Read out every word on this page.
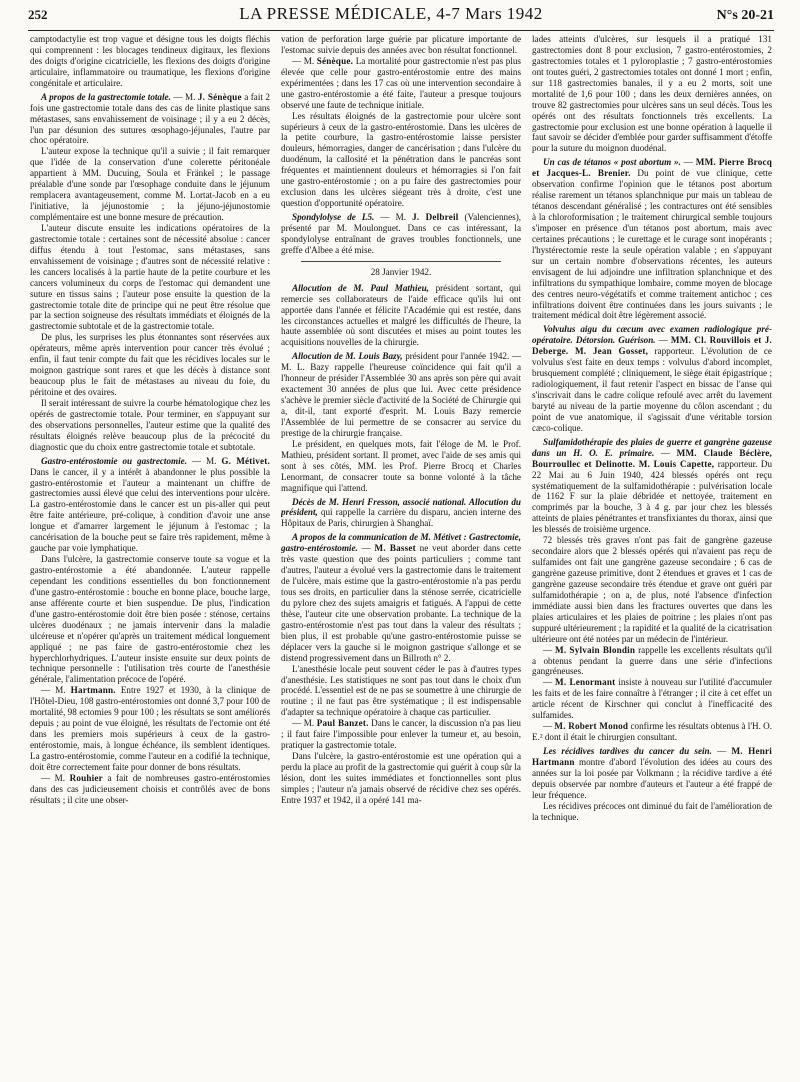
252	LA PRESSE MÉDICALE, 4-7 Mars 1942	N°s 20-21

camptodactylie est trop vague et désigne tous les doigts fléchis qui comprennent : les blocages tendineux digitaux, les flexions des doigts d'origine cicatricielle, les flexions des doigts d'origine articulaire, inflammatoire ou traumatique, les flexions d'origine congénitale et articulaire.

A propos de la gastrectomie totale. — M. J. Sénèque a fait 2 fois une gastrectomie totale dans des cas de linite plastique sans métastases, sans envahissement de voisinage ; il y a eu 2 décès, l'un par désunion des sutures œsophago-jéjunales, l'autre par choc opératoire.

L'auteur expose la technique qu'il a suivie ; il fait remarquer que l'idée de la conservation d'une colerette péritonéale appartient à MM. Ducuing, Soula et Fränkel ; le passage préalable d'une sonde par l'œsophage conduite dans le jéjunum remplacera avantageusement, comme M. Lortat-Jacob en a eu l'initiative, la jéjunostomie ; la jéjuno-jéjunostomie complémentaire est une bonne mesure de précaution.

L'auteur discute ensuite les indications opératoires de la gastrectomie totale : certaines sont de nécessité absolue : cancer diffus étendu à tout l'estomac, sans métastases, sans envahissement de voisinage ; d'autres sont de nécessité relative : les cancers localisés à la partie haute de la petite courbure et les cancers volumineux du corps de l'estomac qui demandent une suture en tissus sains ; l'auteur pose ensuite la question de la gastrectomie totale dite de principe qui ne peut être résolue que par la section soigneuse des résultats immédiats et éloignés de la gastrectomie subtotale et de la gastrectomie totale.

De plus, les surprises les plus étonnantes sont réservées aux opérateurs, même après intervention pour cancer très évolué ; enfin, il faut tenir compte du fait que les récidives locales sur le moignon gastrique sont rares et que les décès à distance sont beaucoup plus le fait de métastases au niveau du foie, du péritoine et des ovaires.

Il serait intéressant de suivre la courbe hématologique chez les opérés de gastrectomie totale. Pour terminer, en s'appuyant sur des observations personnelles, l'auteur estime que la qualité des résultats éloignés relève beaucoup plus de la précocité du diagnostic que du choix entre gastrectomie totale et subtotale.

Gastro-entérostomie ou gastrectomie. — M. G. Métivet. Dans le cancer, il y a intérêt à abandonner le plus possible la gastro-entérostomie et l'auteur a maintenant un chiffre de gastrectomies aussi élevé que celui des interventions pour ulcère. La gastro-entérostomie dans le cancer est un pis-aller qui peut être faite antérieure, pré-colique, à condition d'avoir une anse longue et d'amarrer largement le jéjunum à l'estomac ; la cancérisation de la bouche peut se faire très rapidement, même à gauche par voie lymphatique.

Dans l'ulcère, la gastrectomie conserve toute sa vogue et la gastro-entérostomie a été abandonnée. L'auteur rappelle cependant les conditions essentielles du bon fonctionnement d'une gastro-entérostomie : bouche en bonne place, bouche large, anse afférente courte et bien suspendue. De plus, l'indication d'une gastro-entérostomie doit être bien posée : sténose, certains ulcères duodénaux ; ne jamais intervenir dans la maladie ulcéreuse et n'opérer qu'après un traitement médical longuement appliqué ; ne pas faire de gastro-entérostomie chez les hyperchlorhydriques. L'auteur insiste ensuite sur deux points de technique personnelle : l'utilisation très courte de l'anesthésie générale, l'alimentation précoce de l'opéré.

— M. Hartmann. Entre 1927 et 1930, à la clinique de l'Hôtel-Dieu, 108 gastro-entérostomies ont donné 3,7 pour 100 de mortalité, 98 ectomies 9 pour 100 ; les résultats se sont améliorés depuis ; au point de vue éloigné, les résultats de l'ectomie ont été dans les premiers mois supérieurs à ceux de la gastro-entérostomie, mais, à longue échéance, ils semblent identiques. La gastro-entérostomie, comme l'auteur en a codifié la technique, doit être correctement faite pour donner de bons résultats.

— M. Rouhier a fait de nombreuses gastro-entérostomies dans des cas judicieusement choisis et contrôlés avec de bons résultats ; il cite une obser-

vation de perforation large guérie par plicature importante de l'estomac suivie depuis des années avec bon résultat fonctionnel.

— M. Sénèque. La mortalité pour gastrectomie n'est pas plus élevée que celle pour gastro-entérostomie entre des mains expérimentées ; dans les 17 cas où une intervention secondaire à une gastro-entérostomie a été faite, l'auteur a presque toujours observé une faute de technique initiale.

Les résultats éloignés de la gastrectomie pour ulcère sont supérieurs à ceux de la gastro-entérostomie. Dans les ulcères de la petite courbure, la gastro-entérostomie laisse persister douleurs, hémorragies, danger de cancérisation ; dans l'ulcère du duodénum, la callosité et la pénétration dans le pancréas sont fréquentes et maintiennent douleurs et hémorragies si l'on fait une gastro-entérostomie ; on a pu faire des gastrectomies pour exclusion dans les ulcères siégeant très à droite, c'est une question d'opportunité opératoire.

Spondylolyse de L5. — M. J. Delbreil (Valenciennes), présenté par M. Moulonguet. Dans ce cas intéressant, la spondylolyse entraînant de graves troubles fonctionnels, une greffe d'Albee a été mise.

28 Janvier 1942.

Allocution de M. Paul Mathieu, président sortant, qui remercie ses collaborateurs de l'aide efficace qu'ils lui ont apportée dans l'année et félicite l'Académie qui est restée, dans les circonstances actuelles et malgré les difficultés de l'heure, la haute assemblée où sont discutées et mises au point toutes les acquisitions nouvelles de la chirurgie.

Allocution de M. Louis Bazy, président pour l'année 1942. — M. L. Bazy rappelle l'heureuse coïncidence qui fait qu'il a l'honneur de présider l'Assemblée 30 ans après son père qui avait exactement 30 années de plus que lui. Avec cette présidence s'achève le premier siècle d'activité de la Société de Chirurgie qui a, dit-il, tant exporté d'esprit. M. Louis Bazy remercie l'Assemblée de lui permettre de se consacrer au service du prestige de la chirurgie française.

Le président, en quelques mots, fait l'éloge de M. le Prof. Mathieu, président sortant. Il promet, avec l'aide de ses amis qui sont à ses côtés, MM. les Prof. Pierre Brocq et Charles Lenormant, de consacrer toute sa bonne volonté à la tâche magnifique qui l'attend.

Décès de M. Henri Fresson, associé national. Allocution du président, qui rappelle la carrière du disparu, ancien interne des Hôpitaux de Paris, chirurgien à Shanghaï.

A propos de la communication de M. Métivet : Gastrectomie, gastro-entérostomie. — M. Basset ne veut aborder dans cette très vaste question que des points particuliers ; comme tant d'autres, l'auteur a évolué vers la gastrectomie dans le traitement de l'ulcère, mais estime que la gastro-entérostomie n'a pas perdu tous ses droits, en particulier dans la sténose serrée, cicatricielle du pylore chez des sujets amaigris et fatigués. A l'appui de cette thèse, l'auteur cite une observation probante. La technique de la gastro-entérostomie n'est pas tout dans la valeur des résultats ; bien plus, il est probable qu'une gastro-entérostomie puisse se déplacer vers la gauche si le moignon gastrique s'allonge et se distend progressivement dans un Billroth n° 2.

L'anesthésie locale peut souvent céder le pas à d'autres types d'anesthésie. Les statistiques ne sont pas tout dans le choix d'un procédé. L'essentiel est de ne pas se soumettre à une chirurgie de routine ; il ne faut pas être systématique ; il est indispensable d'adapter sa technique opératoire à chaque cas particulier.

— M. Paul Banzet. Dans le cancer, la discussion n'a pas lieu ; il faut faire l'impossible pour enlever la tumeur et, au besoin, pratiquer la gastrectomie totale.

Dans l'ulcère, la gastro-entérostomie est une opération qui a perdu la place au profit de la gastrectomie qui guérit à coup sûr la lésion, dont les suites immédiates et fonctionnelles sont plus simples ; l'auteur n'a jamais observé de récidive chez ses opérés. Entre 1937 et 1942, il a opéré 141 ma-

lades atteints d'ulcères, sur lesquels il a pratiqué 131 gastrectomies dont 8 pour exclusion, 7 gastro-entérostomies, 2 gastrectomies totales et 1 pyloroplastie ; 7 gastro-entérostomies ont toutes guéri, 2 gastrectomies totales ont donné 1 mort ; enfin, sur 118 gastrectomies banales, il y a eu 2 morts, soit une mortalité de 1,6 pour 100 ; dans les deux dernières années, on trouve 82 gastrectomies pour ulcères sans un seul décès. Tous les opérés ont des résultats fonctionnels très excellents. La gastrectomie pour exclusion est une bonne opération à laquelle il faut savoir se décider d'emblée pour garder suffisamment d'étoffe pour la suture du moignon duodénal.

Un cas de tétanos « post abortum ». — MM. Pierre Brocq et Jacques-L. Brenier. Du point de vue clinique, cette observation confirme l'opinion que le tétanos post abortum réalise rarement un tétanos splanchnique pur mais un tableau de tétanos descendant généralisé ; les contractures ont été sensibles à la chloroformisation ; le traitement chirurgical semble toujours s'imposer en présence d'un tétanos post abortum, mais avec certaines précautions ; le curettage et le curage sont inopérants ; l'hystérectomie reste la seule opération valable ; en s'appuyant sur un certain nombre d'observations récentes, les auteurs envisagent de lui adjoindre une infiltration splanchnique et des infiltrations du sympathique lombaire, comme moyen de blocage des centres neuro-végétatifs et comme traitement antichoc ; ces infiltrations doivent être continuées dans les jours suivants ; le traitement médical doit être légèrement associé.

Volvulus aigu du cæcum avec examen radiologique pré-opératoire. Détorsion. Guérison. — MM. Cl. Rouvillois et J. Deberge. M. Jean Gosset, rapporteur. L'évolution de ce volvulus s'est faite en deux temps : volvulus d'abord incomplet, brusquement complété ; cliniquement, le siège était épigastrique ; radiologiquement, il faut retenir l'aspect en bissac de l'anse qui s'inscrivait dans le cadre colique refoulé avec arrêt du lavement baryté au niveau de la partie moyenne du côlon ascendant ; du point de vue anatomique, il s'agissait d'une véritable torsion cæco-colique.

Sulfamidothérapie des plaies de guerre et gangrène gazeuse dans un H. O. E. primaire. — MM. Claude Béclère, Bourroullec et Delinotte. M. Louis Capette, rapporteur. Du 22 Mai au 6 Juin 1940, 424 blessés opérés ont reçu systématiquement de la sulfamidothérapie : pulvérisation locale de 1162 F sur la plaie débridée et nettoyée, traitement en comprimés par la bouche, 3 à 4 g. par jour chez les blessés atteints de plaies pénétrantes et transfixiantes du thorax, ainsi que les blessés de troisième urgence.

72 blessés très graves n'ont pas fait de gangrène gazeuse secondaire alors que 2 blessés opérés qui n'avaient pas reçu de sulfamides ont fait une gangrène gazeuse secondaire ; 6 cas de gangrène gazeuse primitive, dont 2 étendues et graves et 1 cas de gangrène gazeuse secondaire très étendue et grave ont guéri par sulfamidothérapie ; on a, de plus, noté l'absence d'infection immédiate aussi bien dans les fractures ouvertes que dans les plaies articulaires et les plaies de poitrine ; les plaies n'ont pas suppuré ultérieurement ; la rapidité et la qualité de la cicatrisation ultérieure ont été notées par un médecin de l'intérieur.

— M. Sylvain Blondin rappelle les excellents résultats qu'il a obtenus pendant la guerre dans une série d'infections gangréneuses.

— M. Lenormant insiste à nouveau sur l'utilité d'accumuler les faits et de les faire connaître à l'étranger ; il cite à cet effet un article récent de Kirschner qui conclut à l'inefficacité des sulfamides.

— M. Robert Monod confirme les résultats obtenus à l'H. O. E.² dont il était le chirurgien consultant.

Les récidives tardives du cancer du sein. — M. Henri Hartmann montre d'abord l'évolution des idées au cours des années sur la loi posée par Volkmann ; la récidive tardive a été depuis observée par nombre d'auteurs et l'auteur a été frappé de leur fréquence.

Les récidives précoces ont diminué du fait de l'amélioration de la technique.
